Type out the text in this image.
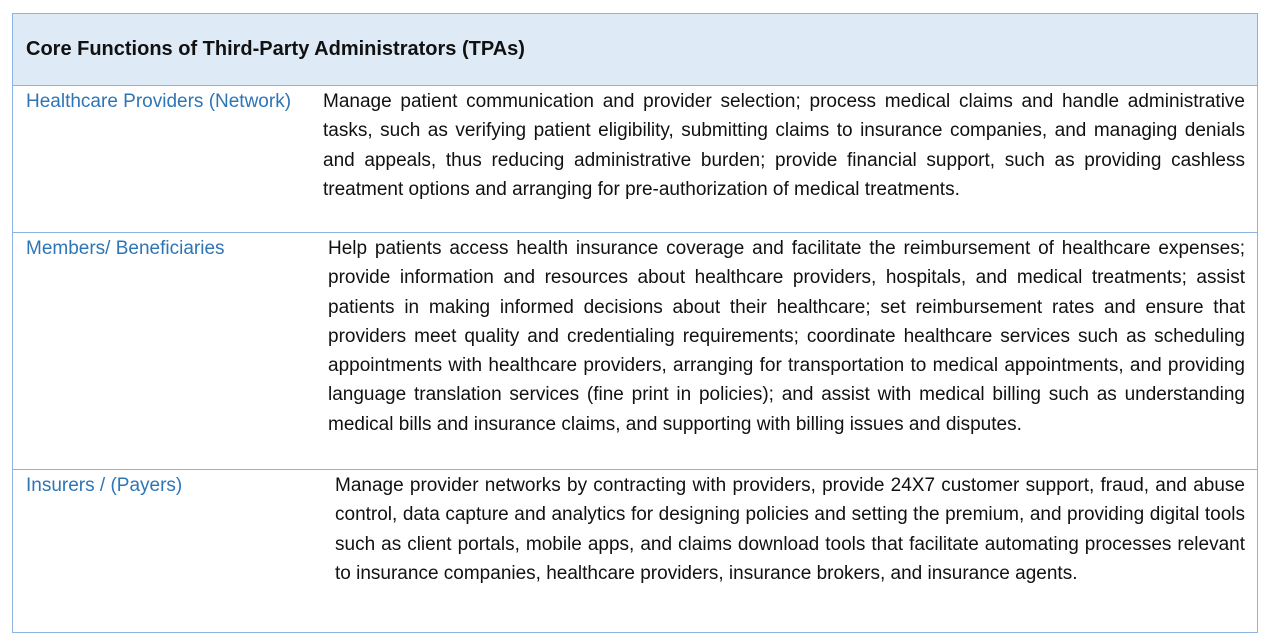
Core Functions of Third-Party Administrators (TPAs)
Healthcare Providers (Network)	Manage patient communication and provider selection; process medical claims and handle administrative tasks, such as verifying patient eligibility, submitting claims to insurance companies, and managing denials and appeals, thus reducing administrative burden; provide financial support, such as providing cashless treatment options and arranging for pre-authorization of medical treatments.

Members/ Beneficiaries	Help patients access health insurance coverage and facilitate the reimbursement of healthcare expenses; provide information and resources about healthcare providers, hospitals, and medical treatments; assist patients in making informed decisions about their healthcare; set reimbursement rates and ensure that providers meet quality and credentialing requirements; coordinate healthcare services such as scheduling appointments with healthcare providers, arranging for transportation to medical appointments, and providing language translation services (fine print in policies); and assist with medical billing such as understanding medical bills and insurance claims, and supporting with billing issues and disputes.

Insurers / (Payers)	Manage provider networks by contracting with providers, provide 24X7 customer support, fraud, and abuse control, data capture and analytics for designing policies and setting the premium, and providing digital tools such as client portals, mobile apps, and claims download tools that facilitate automating processes relevant to insurance companies, healthcare providers, insurance brokers, and insurance agents.
